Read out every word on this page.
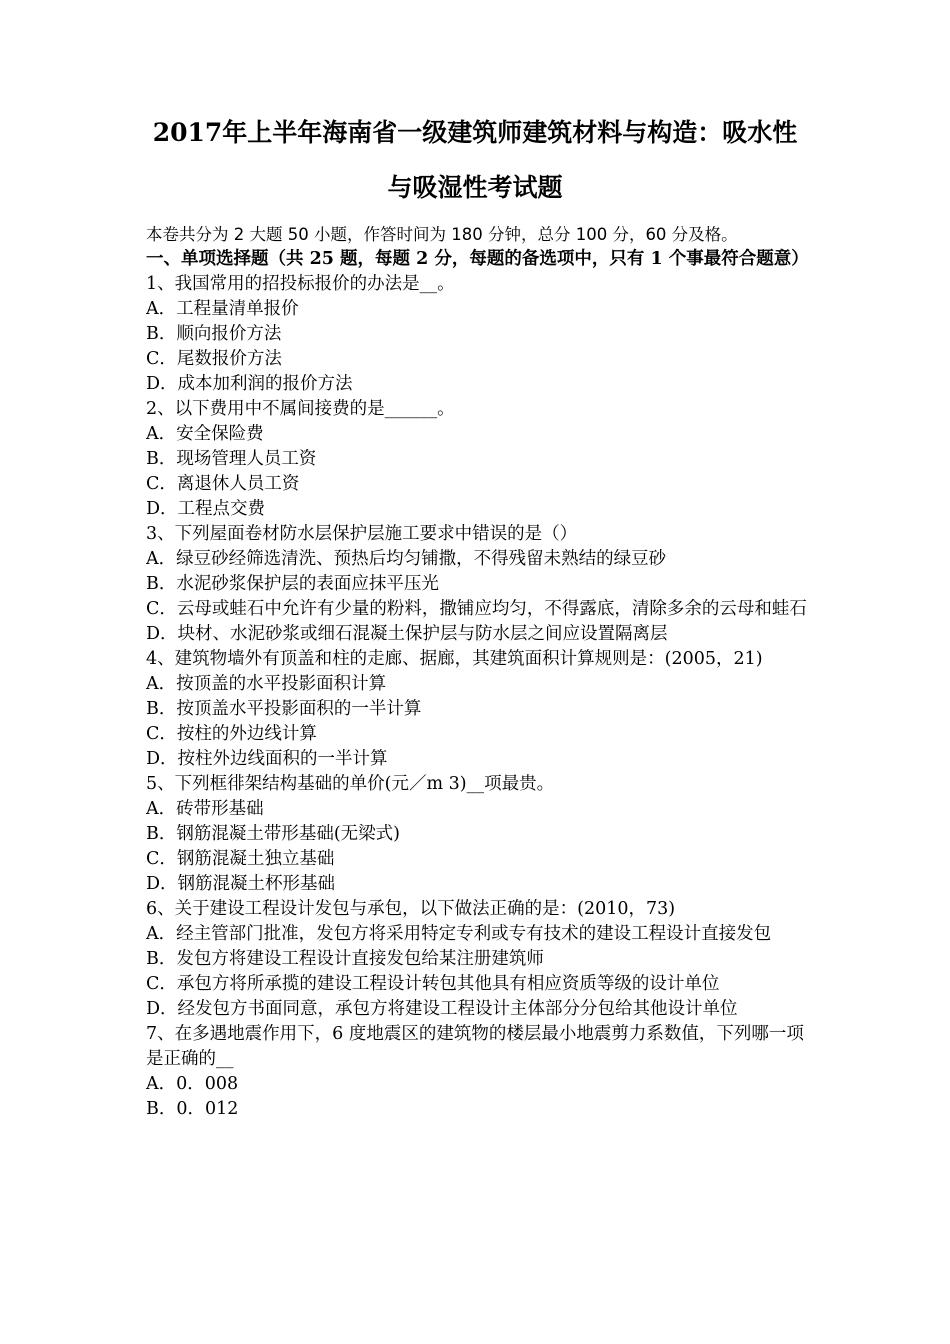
2017年上半年海南省一级建筑师建筑材料与构造：吸水性
与吸湿性考试题
本卷共分为 2 大题 50 小题，作答时间为 180 分钟，总分 100 分，60 分及格。
一、单项选择题（共 25 题，每题 2 分，每题的备选项中，只有 1 个事最符合题意）
1、我国常用的招投标报价的办法是__。
A．工程量清单报价
B．顺向报价方法
C．尾数报价方法
D．成本加利润的报价方法
2、以下费用中不属间接费的是______。
A．安全保险费
B．现场管理人员工资
C．离退休人员工资
D．工程点交费
3、下列屋面卷材防水层保护层施工要求中错误的是（）
A．绿豆砂经筛选清洗、预热后均匀铺撒，不得残留未熟结的绿豆砂
B．水泥砂浆保护层的表面应抹平压光
C．云母或蛙石中允许有少量的粉料，撒铺应均匀，不得露底，清除多余的云母和蛙石
D．块材、水泥砂浆或细石混凝土保护层与防水层之间应设置隔离层
4、建筑物墙外有顶盖和柱的走廊、据廊，其建筑面积计算规则是：(2005，21)
A．按顶盖的水平投影面积计算
B．按顶盖水平投影面积的一半计算
C．按柱的外边线计算
D．按柱外边线面积的一半计算
5、下列框徘架结构基础的单价(元／m 3)__项最贵。
A．砖带形基础
B．钢筋混凝土带形基础(无梁式)
C．钢筋混凝土独立基础
D．钢筋混凝土杯形基础
6、关于建设工程设计发包与承包，以下做法正确的是：(2010，73)
A．经主管部门批准，发包方将采用特定专利或专有技术的建设工程设计直接发包
B．发包方将建设工程设计直接发包给某注册建筑师
C．承包方将所承揽的建设工程设计转包其他具有相应资质等级的设计单位
D．经发包方书面同意，承包方将建设工程设计主体部分分包给其他设计单位
7、在多遇地震作用下，6 度地震区的建筑物的楼层最小地震剪力系数值，下列哪一项是正确的__
A．0．008
B．0．012
